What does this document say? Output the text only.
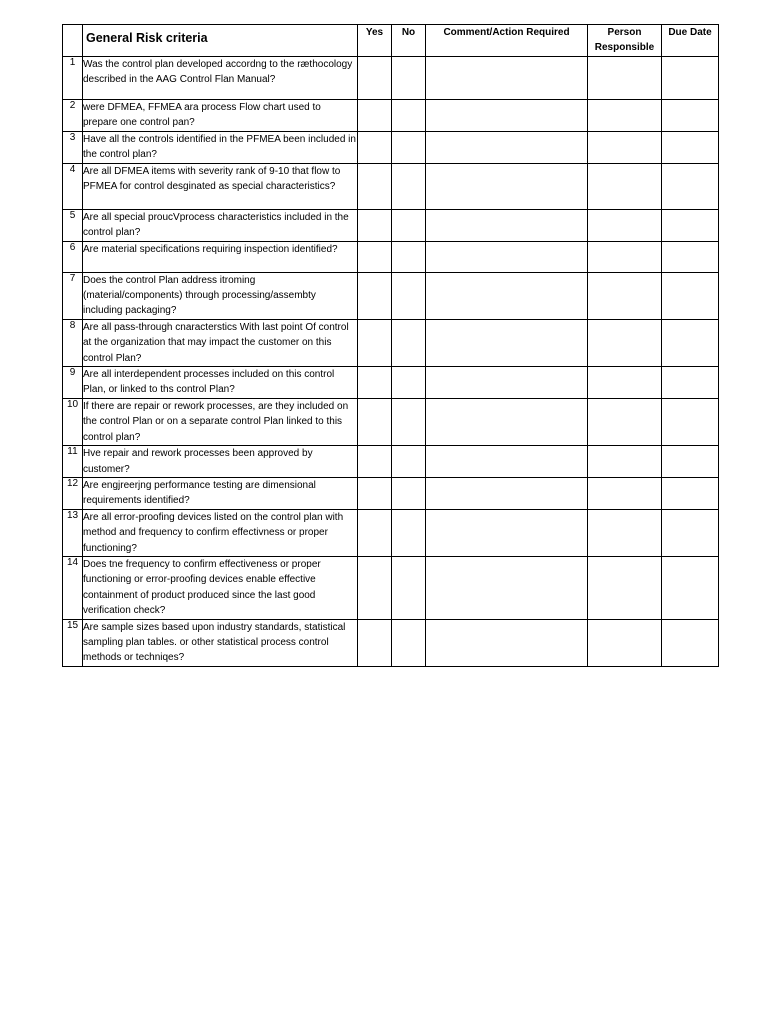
	General Risk criteria	Yes	No	Comment/Action Required	Person Responsible	Due Date
1	Was the control plan developed accordng to the ræthocology described in the AAG Control Flan Manual?					
2	were DFMEA, FFMEA ara process Flow chart used to prepare one control pan?					
3	Have all the controls identified in the PFMEA been included in the control plan?					
4	Are all DFMEA items with severity rank of 9-10 that flow to PFMEA for control desginated as special characteristics?					
5	Are all special proucVprocess characteristics included in the control plan?					
6	Are material specifications requiring inspection identified?					
7	Does the control Plan address itroming (material/components) through processing/assembty including packaging?					
8	Are all pass-through cnaracterstics With last point Of control at the organization that may impact the customer on this control Plan?					
9	Are all interdependent processes included on this control Plan, or linked to ths control Plan?					
10	If there are repair or rework processes, are they included on the control Plan or on a separate control Plan linked to this control plan?					
11	Hve repair and rework processes been approved by customer?					
12	Are engjreerjng performance testing are dimensional requirements identified?					
13	Are all error-proofing devices listed on the control plan with method and frequency to confirm effectivness or proper functioning?					
14	Does tne frequency to confirm effectiveness or proper functioning or error-proofing devices enable effective containment of product produced since the last good verification check?					
15	Are sample sizes based upon industry standards, statistical sampling plan tables. or other statistical process control methods or techniqes?					
